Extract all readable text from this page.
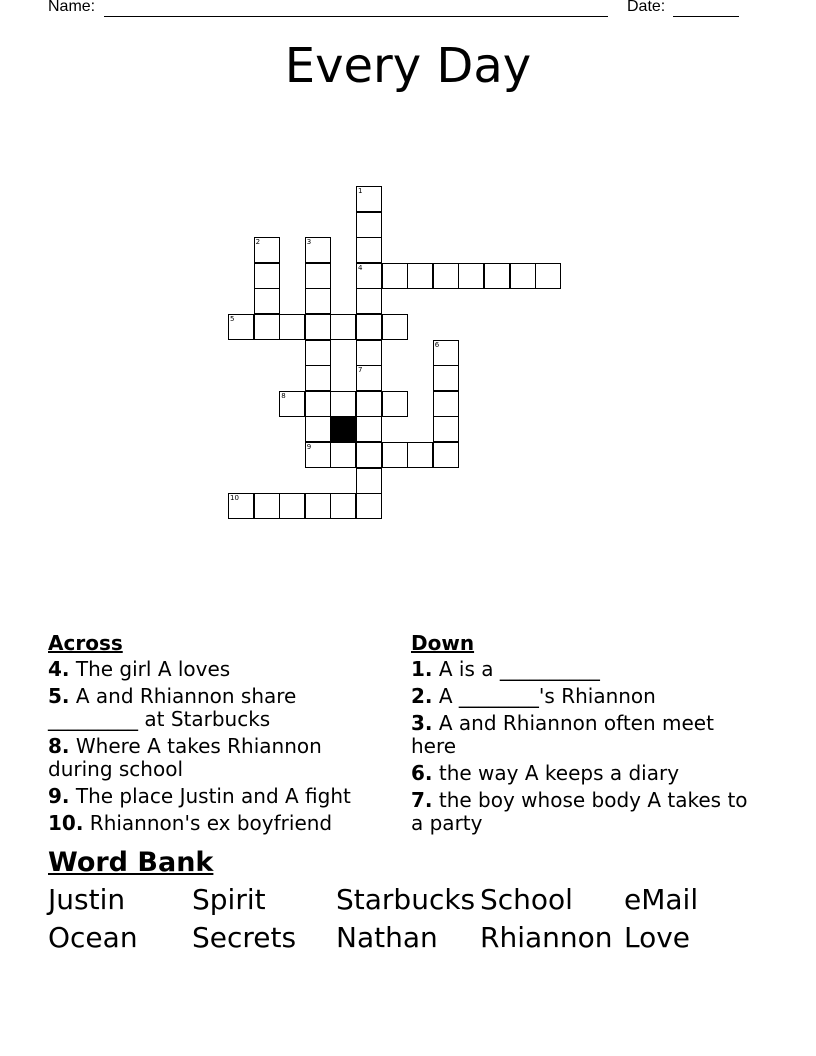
Name:	Date:
Every Day
1
4
7
2	3
9
5
6
8
10
Across
4. The girl A loves
5. A and Rhiannon share _________ at Starbucks
8. Where A takes Rhiannon during school
9. The place Justin and A fight
10. Rhiannon's ex boyfriend
Down
1. A is a __________
2. A ________'s Rhiannon
3. A and Rhiannon often meet here
6. the way A keeps a diary
7. the boy whose body A takes to a party
Word Bank
Justin Spirit	Starbucks School eMail
Ocean Secrets Nathan Rhiannon Love
